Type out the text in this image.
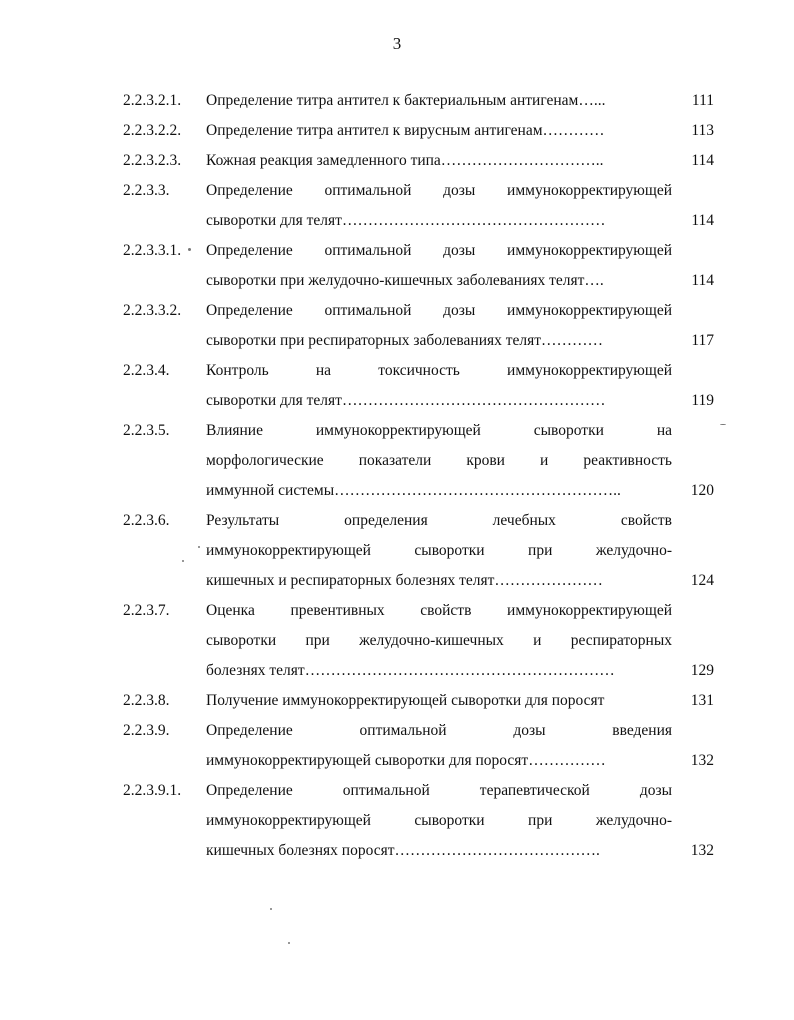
3
2.2.3.2.1. Определение титра антител к бактериальным антигенам…...	111
2.2.3.2.2. Определение титра антител к вирусным антигенам…………	113
2.2.3.2.3. Кожная реакция замедленного типа…………………………..	114
2.2.3.3. Определение оптимальной дозы иммунокорректирующей
сыворотки для телят……………………………………………	114
2.2.3.3.1. Определение оптимальной дозы иммунокорректирующей
сыворотки при желудочно-кишечных заболеваниях телят….	114
2.2.3.3.2. Определение оптимальной дозы иммунокорректирующей
сыворотки при респираторных заболеваниях телят…………	117
2.2.3.4. Контроль на токсичность иммунокорректирующей
сыворотки для телят……………………………………………	119
2.2.3.5. Влияние иммунокорректирующей сыворотки на
морфологические показатели крови и реактивность
иммунной системы………………………………………………..	120
2.2.3.6. Результаты определения лечебных свойств
иммунокорректирующей сыворотки при желудочно-
кишечных и респираторных болезнях телят…………………	124
2.2.3.7. Оценка превентивных свойств иммунокорректирующей
сыворотки при желудочно-кишечных и респираторных
болезнях телят……………………………………………………	129
2.2.3.8. Получение иммунокорректирующей сыворотки для поросят	131
2.2.3.9. Определение оптимальной дозы введения
иммунокорректирующей сыворотки для поросят……………	132
2.2.3.9.1. Определение оптимальной терапевтической дозы
иммунокорректирующей сыворотки при желудочно-
кишечных болезнях поросят………………………………….	132
